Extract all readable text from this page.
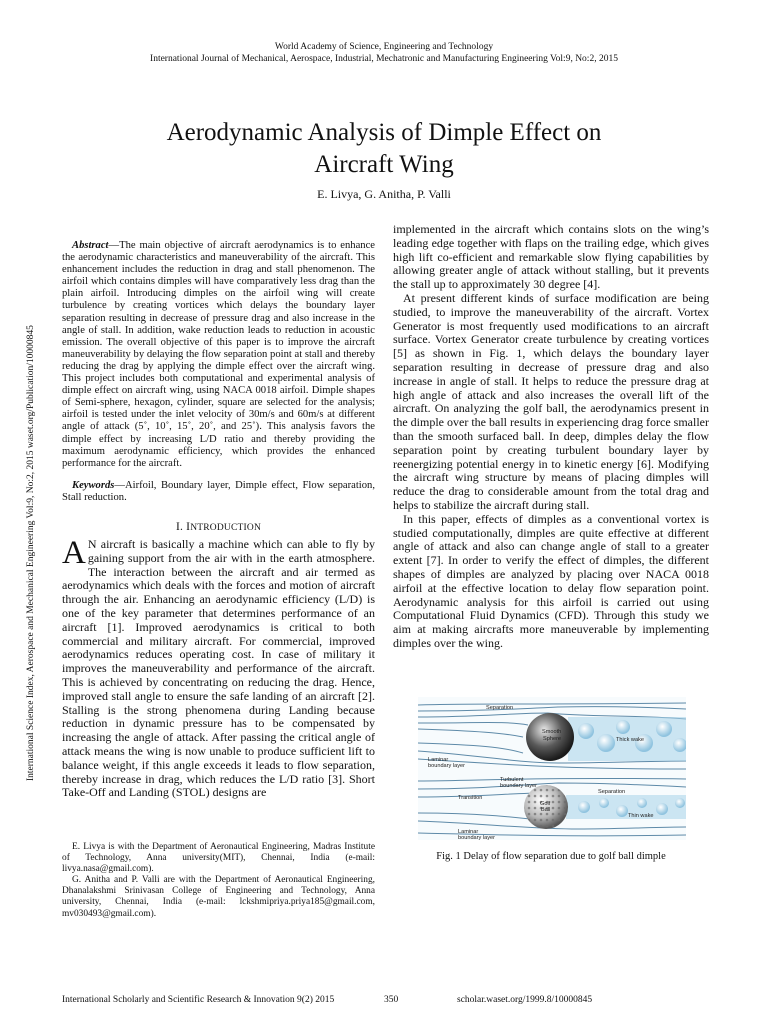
World Academy of Science, Engineering and Technology
International Journal of Mechanical, Aerospace, Industrial, Mechatronic and Manufacturing Engineering Vol:9, No:2, 2015
Aerodynamic Analysis of Dimple Effect on
Aircraft Wing
E. Livya, G. Anitha, P. Valli
International Science Index, Aerospace and Mechanical Engineering Vol:9, No:2, 2015 waset.org/Publication/10000845

Abstract—The main objective of aircraft aerodynamics is to enhance the aerodynamic characteristics and maneuverability of the aircraft. This enhancement includes the reduction in drag and stall phenomenon. The airfoil which contains dimples will have comparatively less drag than the plain airfoil. Introducing dimples on the airfoil wing will create turbulence by creating vortices which delays the boundary layer separation resulting in decrease of pressure drag and also increase in the angle of stall. In addition, wake reduction leads to reduction in acoustic emission. The overall objective of this paper is to improve the aircraft maneuverability by delaying the flow separation point at stall and thereby reducing the drag by applying the dimple effect over the aircraft wing. This project includes both computational and experimental analysis of dimple effect on aircraft wing, using NACA 0018 airfoil. Dimple shapes of Semi-sphere, hexagon, cylinder, square are selected for the analysis; airfoil is tested under the inlet velocity of 30m/s and 60m/s at different angle of attack (5˚, 10˚, 15˚, 20˚, and 25˚). This analysis favors the dimple effect by increasing L/D ratio and thereby providing the maximum aerodynamic efficiency, which provides the enhanced performance for the aircraft.

Keywords—Airfoil, Boundary layer, Dimple effect, Flow separation, Stall reduction.

I. INTRODUCTION

A N aircraft is basically a machine which can able to fly by gaining support from the air with in the earth atmosphere. The interaction between the aircraft and air termed as aerodynamics which deals with the forces and motion of aircraft through the air. Enhancing an aerodynamic efficiency (L/D) is one of the key parameter that determines performance of an aircraft [1]. Improved aerodynamics is critical to both commercial and military aircraft. For commercial, improved aerodynamics reduces operating cost. In case of military it improves the maneuverability and performance of the aircraft. This is achieved by concentrating on reducing the drag. Hence, improved stall angle to ensure the safe landing of an aircraft [2]. Stalling is the strong phenomena during Landing because reduction in dynamic pressure has to be compensated by increasing the angle of attack. After passing the critical angle of attack means the wing is now unable to produce sufficient lift to balance weight, if this angle exceeds it leads to flow separation, thereby increase in drag, which reduces the L/D ratio [3]. Short Take-Off and Landing (STOL) designs are

E. Livya is with the Department of Aeronautical Engineering, Madras Institute of Technology, Anna university(MIT), Chennai, India (e-mail: livya.nasa@gmail.com).

G. Anitha and P. Valli are with the Department of Aeronautical Engineering, Dhanalakshmi Srinivasan College of Engineering and Technology, Anna university, Chennai, India (e-mail: lckshmipriya.priya185@gmail.com, mv030493@gmail.com).

implemented in the aircraft which contains slots on the wing’s leading edge together with flaps on the trailing edge, which gives high lift co-efficient and remarkable slow flying capabilities by allowing greater angle of attack without stalling, but it prevents the stall up to approximately 30 degree [4].

At present different kinds of surface modification are being studied, to improve the maneuverability of the aircraft. Vortex Generator is most frequently used modifications to an aircraft surface. Vortex Generator create turbulence by creating vortices [5] as shown in Fig. 1, which delays the boundary layer separation resulting in decrease of pressure drag and also increase in angle of stall. It helps to reduce the pressure drag at high angle of attack and also increases the overall lift of the aircraft. On analyzing the golf ball, the aerodynamics present in the dimple over the ball results in experiencing drag force smaller than the smooth surfaced ball. In deep, dimples delay the flow separation point by creating turbulent boundary layer by reenergizing potential energy in to kinetic energy [6]. Modifying the aircraft wing structure by means of placing dimples will reduce the drag to considerable amount from the total drag and helps to stabilize the aircraft during stall.

In this paper, effects of dimples as a conventional vortex is studied computationally, dimples are quite effective at different angle of attack and also can change angle of stall to a greater extent [7]. In order to verify the effect of dimples, the different shapes of dimples are analyzed by placing over NACA 0018 airfoil at the effective location to delay flow separation point. Aerodynamic analysis for this airfoil is carried out using Computational Fluid Dynamics (CFD). Through this study we aim at making aircrafts more maneuverable by implementing dimples over the wing.

Separation
Smooth
Sphere	Thick wake
Laminar
boundary layer
Turbulent
boundary layer
Transition
Golf
Ball
Separation
Thin wake
Laminar
boundary layer
Fig. 1 Delay of flow separation due to golf ball dimple
International Scholarly and Scientific Research & Innovation 9(2) 2015	350	scholar.waset.org/1999.8/10000845
